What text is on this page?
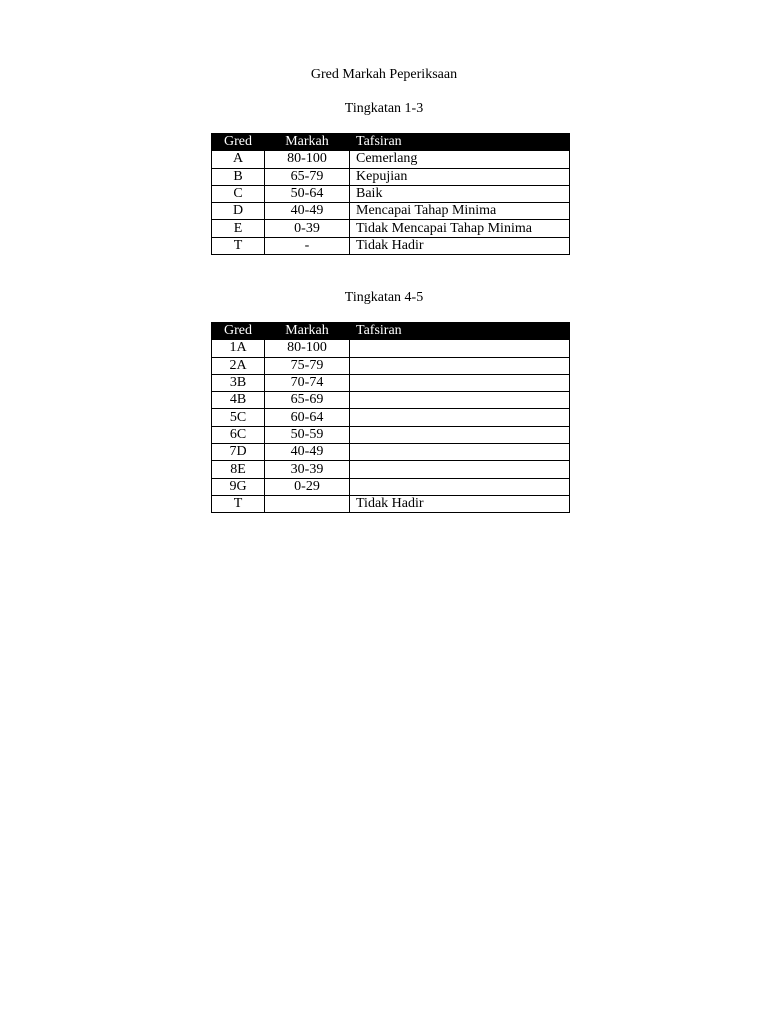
Gred Markah Peperiksaan
Tingkatan 1-3
Gred	Markah	Tafsiran
A	80-100	Cemerlang
B	65-79	Kepujian
C	50-64	Baik
D	40-49	Mencapai Tahap Minima
E	0-39	Tidak Mencapai Tahap Minima
T	-	Tidak Hadir
Tingkatan 4-5
Gred	Markah	Tafsiran
1A	80-100	
2A	75-79	
3B	70-74	
4B	65-69	
5C	60-64	
6C	50-59	
7D	40-49	
8E	30-39	
9G	0-29	
T		Tidak Hadir
